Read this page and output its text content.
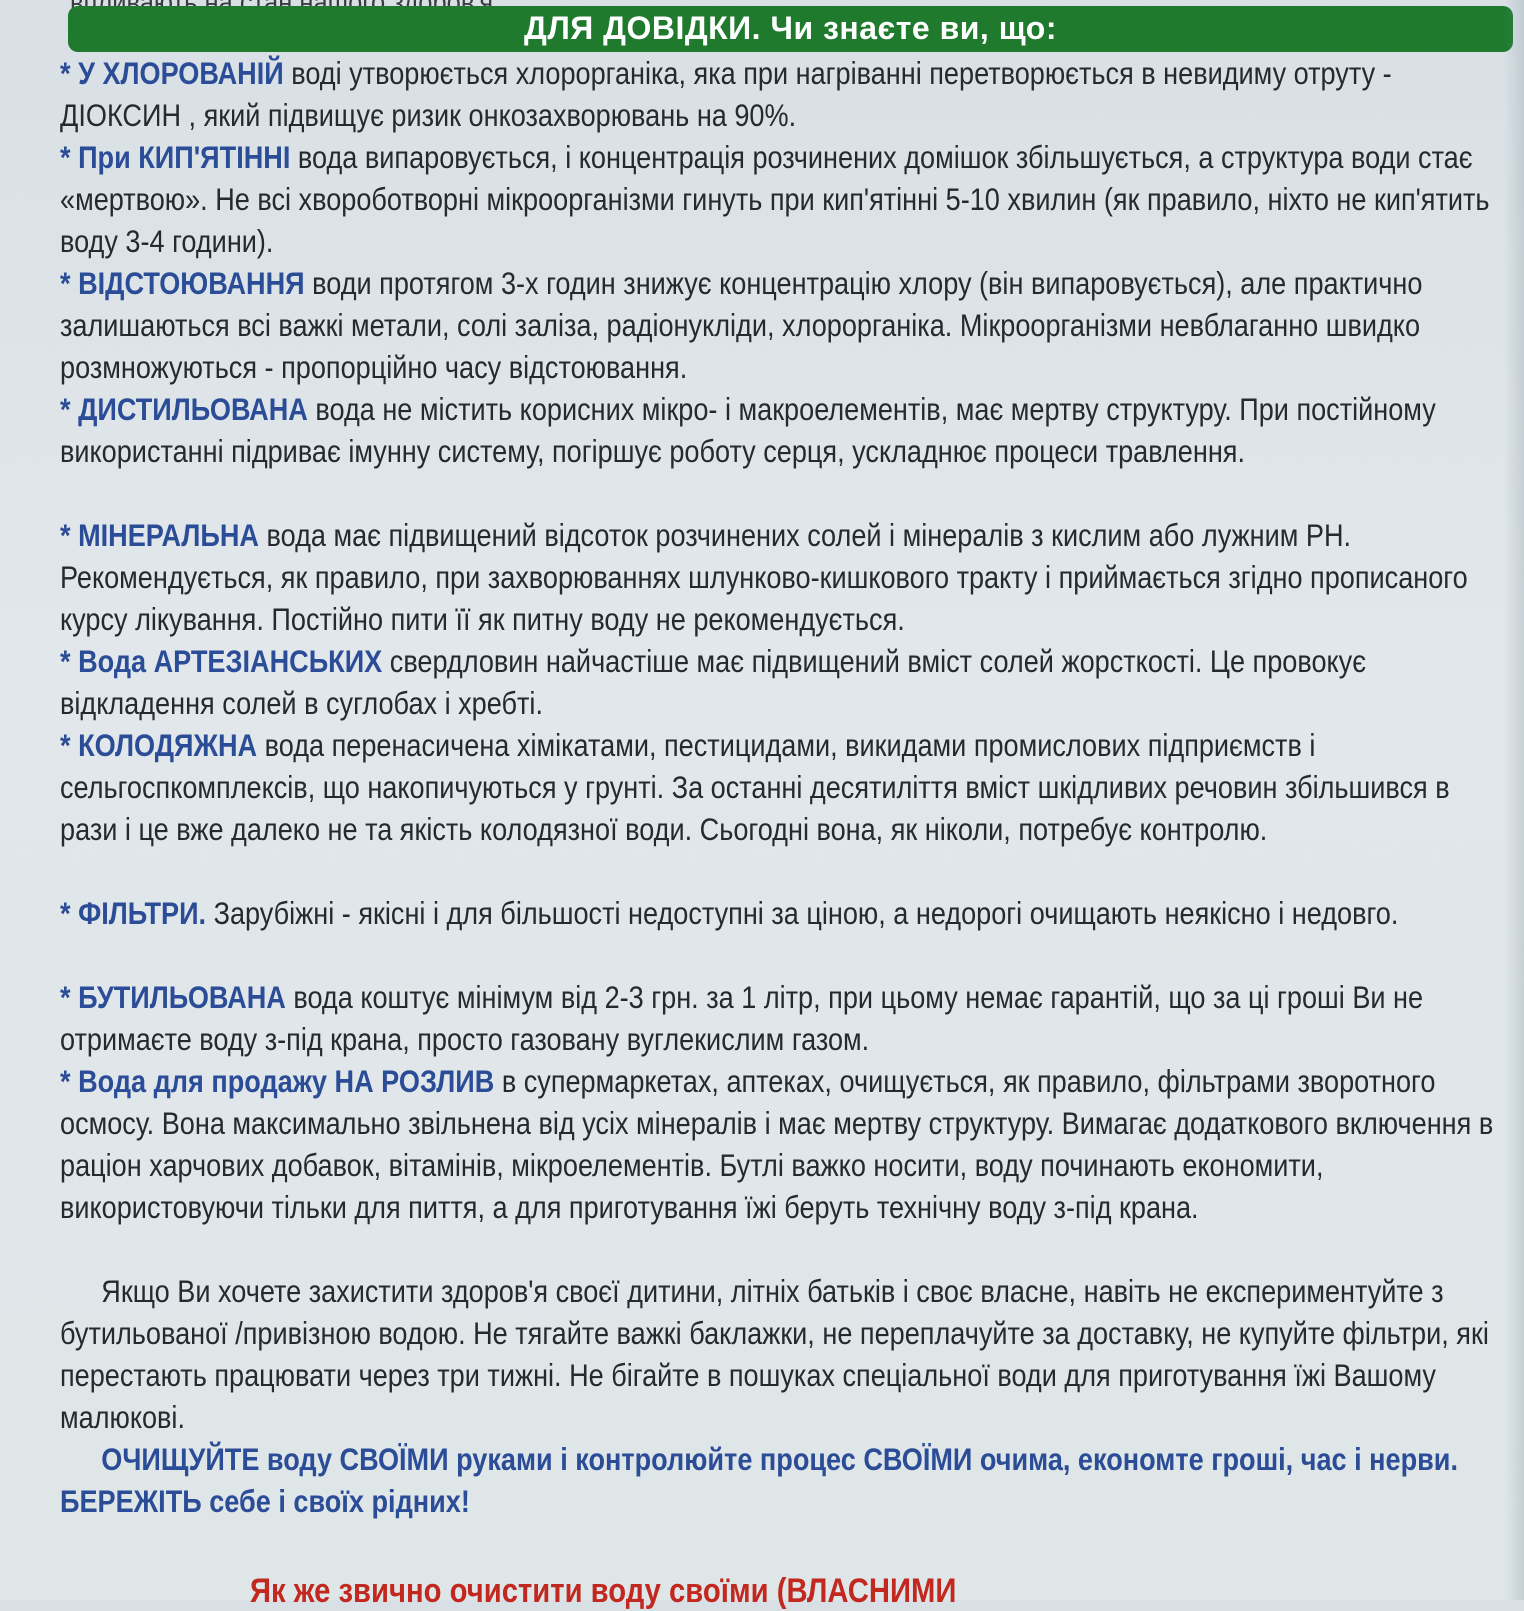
ДЛЯ ДОВІДКИ. Чи знаєте ви, що:

* У ХЛОРОВАНІЙ воді утворюється хлорорганіка, яка при нагріванні перетворюється в невидиму отруту - ДІОКСИН , який підвищує ризик онкозахворювань на 90%.

* При КИП'ЯТІННІ вода випаровується, і концентрація розчинених домішок збільшується, а структура води стає «мертвою». Не всі хвороботворні мікроорганізми гинуть при кип'ятінні 5-10 хвилин (як правило, ніхто не кип'ятить воду 3-4 години).

* ВІДСТОЮВАННЯ води протягом 3-х годин знижує концентрацію хлору (він випаровується), але практично залишаються всі важкі метали, солі заліза, радіонукліди, хлорорганіка. Мікроорганізми невблаганно швидко розмножуються - пропорційно часу відстоювання.

* ДИСТИЛЬОВАНА вода не містить корисних мікро- і макроелементів, має мертву структуру. При постійному використанні підриває імунну систему, погіршує роботу серця, ускладнює процеси травлення.

* МІНЕРАЛЬНА вода має підвищений відсоток розчинених солей і мінералів з кислим або лужним PH. Рекомендується, як правило, при захворюваннях шлунково-кишкового тракту і приймається згідно прописаного курсу лікування. Постійно пити її як питну воду не рекомендується.

* Вода АРТЕЗІАНСЬКИХ свердловин найчастіше має підвищений вміст солей жорсткості. Це провокує відкладення солей в суглобах і хребті.

* КОЛОДЯЖНА вода перенасичена хімікатами, пестицидами, викидами промислових підприємств і сельгоспкомплексів, що накопичуються у грунті. За останні десятиліття вміст шкідливих речовин збільшився в рази і це вже далеко не та якість колодязної води. Сьогодні вона, як ніколи, потребує контролю.

* ФІЛЬТРИ. Зарубіжні - якісні і для більшості недоступні за ціною, а недорогі очищають неякісно і недовго.

* БУТИЛЬОВАНА вода коштує мінімум від 2-3 грн. за 1 літр, при цьому немає гарантій, що за ці гроші Ви не отримаєте воду з-під крана, просто газовану вуглекислим газом.

* Вода для продажу НА РОЗЛИВ в супермаркетах, аптеках, очищується, як правило, фільтрами зворотного осмосу. Вона максимально звільнена від усіх мінералів і має мертву структуру. Вимагає додаткового включення в раціон харчових добавок, вітамінів, мікроелементів. Бутлі важко носити, воду починають економити, використовуючи тільки для пиття, а для приготування їжі беруть технічну воду з-під крана.

Якщо Ви хочете захистити здоров'я своєї дитини, літніх батьків і своє власне, навіть не експериментуйте з бутильованої /привізною водою. Не тягайте важкі баклажки, не переплачуйте за доставку, не купуйте фільтри, які перестають працювати через три тижні. Не бігайте в пошуках спеціальної води для приготування їжі Вашому малюкові.

ОЧИЩУЙТЕ воду СВОЇМИ руками і контролюйте процес СВОЇМИ очима, економте гроші, час і нерви. БЕРЕЖІТЬ себе і своїх рідних!

Як же звично очистити воду своїми (ВЛАСНИМИ
